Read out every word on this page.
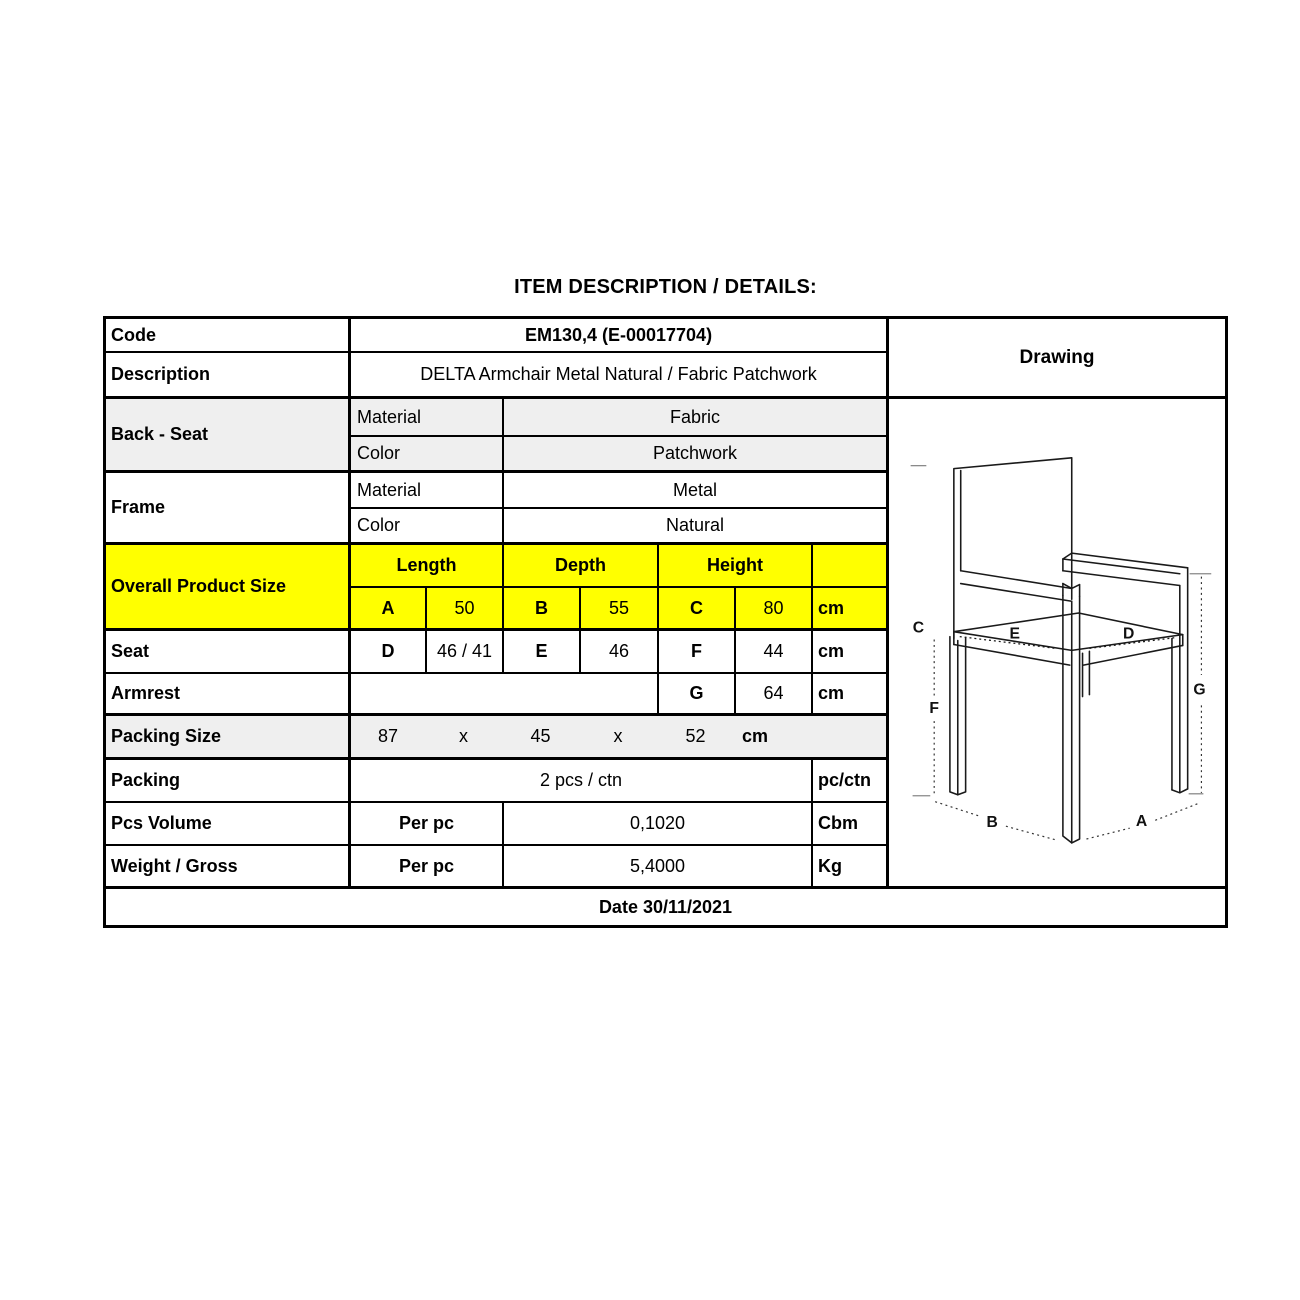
ITEM DESCRIPTION / DETAILS:
Code	EM130,4 (E-00017704)
Drawing
Description	DELTA Armchair Metal Natural / Fabric Patchwork
Back - Seat
Material	Fabric
Color	Patchwork
C
F
E	D
G
B	A
Frame
Material	Metal
Color	Natural
Overall Product Size
Length	Depth	Height
A	50	B	55	C	80	cm
Seat	D	46 / 41	E	46	F	44	cm
Armrest	G	64	cm
Packing Size	87	x	45	x	52	cm
Packing	2 pcs / ctn	pc/ctn
Pcs Volume	Per pc	0,1020	Cbm
Weight / Gross	Per pc	5,4000	Kg
Date 30/11/2021
